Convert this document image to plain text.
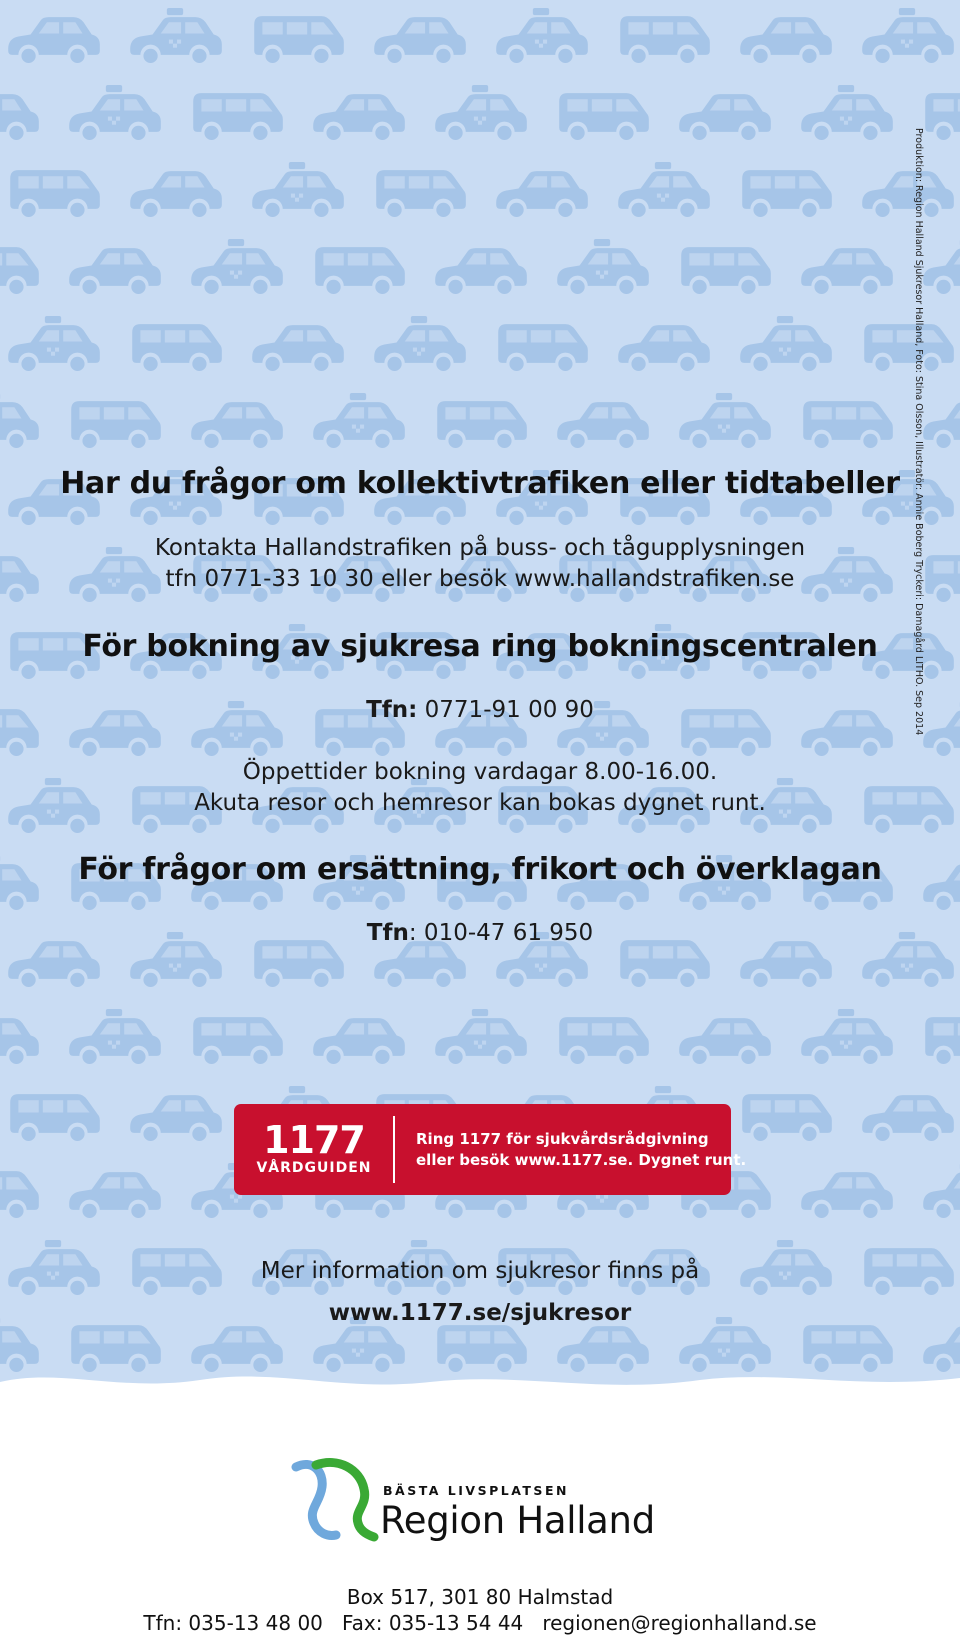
Produktion: Region Halland Sjukresor Halland, Foto: Stina Olsson, Illustratör: Annie Boberg Tryckeri: Damagård LITHO. Sep 2014
Har du frågor om kollektivtrafiken eller tidtabeller
Kontakta Hallandstrafiken på buss- och tågupplysningen
tfn 0771-33 10 30 eller besök www.hallandstrafiken.se
För bokning av sjukresa ring bokningscentralen
Tfn: 0771-91 00 90
Öppettider bokning vardagar 8.00-16.00.
Akuta resor och hemresor kan bokas dygnet runt.
För frågor om ersättning, frikort och överklagan
Tfn: 010-47 61 950
1177
VÅRDGUIDEN
Ring 1177 för sjukvårdsrådgivning
eller besök www.1177.se. Dygnet runt.
Mer information om sjukresor finns på
www.1177.se/sjukresor
BÄSTA LIVSPLATSEN
Region Halland
Box 517, 301 80 Halmstad
Tfn: 035-13 48 00   Fax: 035-13 54 44   regionen@regionhalland.se
